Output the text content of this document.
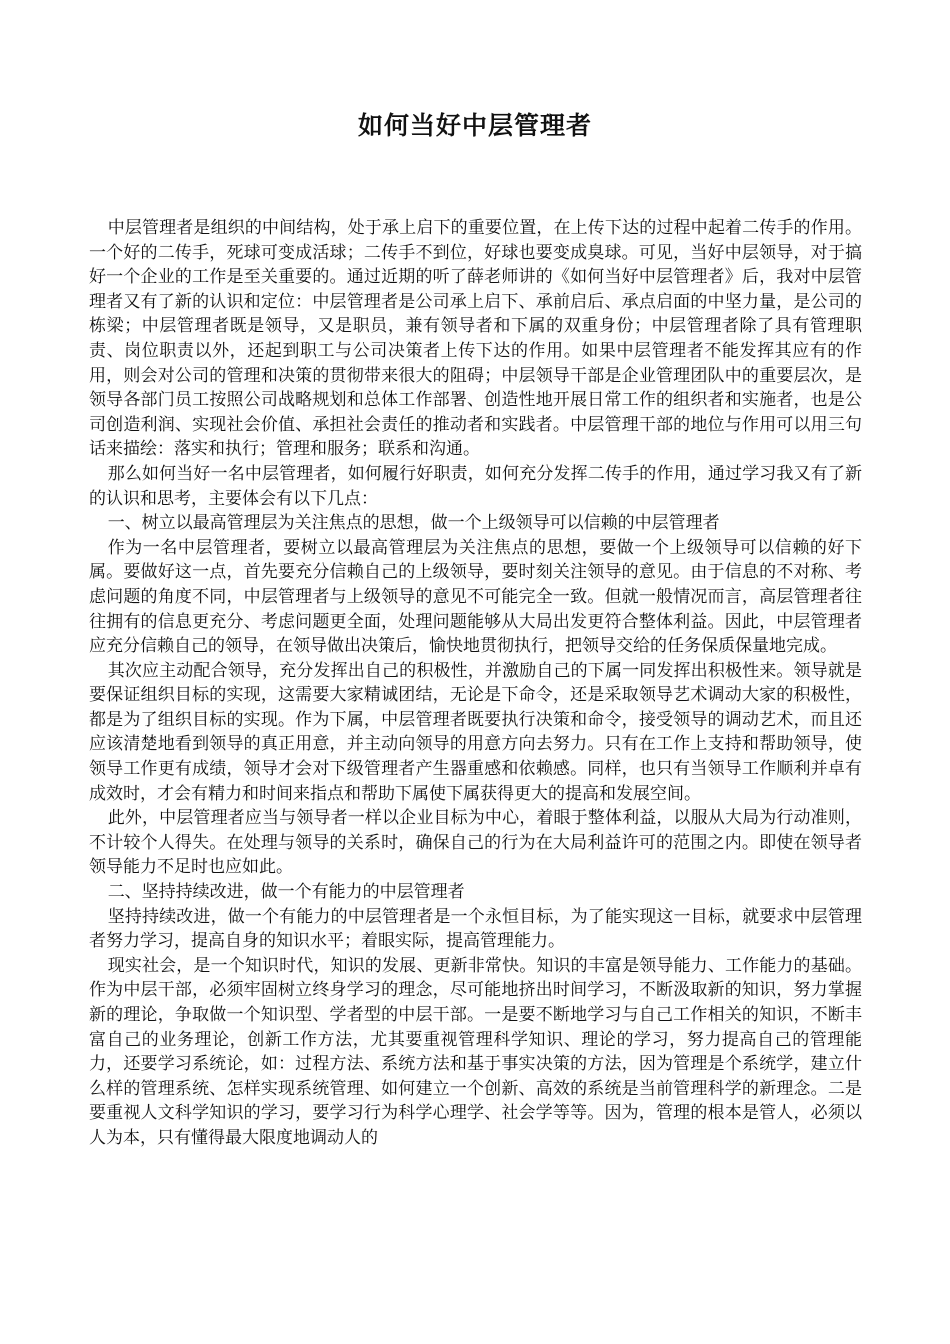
如何当好中层管理者

中层管理者是组织的中间结构，处于承上启下的重要位置，在上传下达的过程中起着二传手的作用。一个好的二传手，死球可变成活球；二传手不到位，好球也要变成臭球。可见，当好中层领导，对于搞好一个企业的工作是至关重要的。通过近期的听了薛老师讲的《如何当好中层管理者》后，我对中层管理者又有了新的认识和定位：中层管理者是公司承上启下、承前启后、承点启面的中坚力量，是公司的栋梁；中层管理者既是领导，又是职员，兼有领导者和下属的双重身份；中层管理者除了具有管理职责、岗位职责以外，还起到职工与公司决策者上传下达的作用。如果中层管理者不能发挥其应有的作用，则会对公司的管理和决策的贯彻带来很大的阻碍；中层领导干部是企业管理团队中的重要层次，是领导各部门员工按照公司战略规划和总体工作部署、创造性地开展日常工作的组织者和实施者，也是公司创造利润、实现社会价值、承担社会责任的推动者和实践者。中层管理干部的地位与作用可以用三句话来描绘：落实和执行；管理和服务；联系和沟通。

那么如何当好一名中层管理者，如何履行好职责，如何充分发挥二传手的作用，通过学习我又有了新的认识和思考，主要体会有以下几点：

一、树立以最高管理层为关注焦点的思想，做一个上级领导可以信赖的中层管理者

作为一名中层管理者，要树立以最高管理层为关注焦点的思想，要做一个上级领导可以信赖的好下属。要做好这一点，首先要充分信赖自己的上级领导，要时刻关注领导的意见。由于信息的不对称、考虑问题的角度不同，中层管理者与上级领导的意见不可能完全一致。但就一般情况而言，高层管理者往往拥有的信息更充分、考虑问题更全面，处理问题能够从大局出发更符合整体利益。因此，中层管理者应充分信赖自己的领导，在领导做出决策后，愉快地贯彻执行，把领导交给的任务保质保量地完成。

其次应主动配合领导，充分发挥出自己的积极性，并激励自己的下属一同发挥出积极性来。领导就是要保证组织目标的实现，这需要大家精诚团结，无论是下命令，还是采取领导艺术调动大家的积极性，都是为了组织目标的实现。作为下属，中层管理者既要执行决策和命令，接受领导的调动艺术，而且还应该清楚地看到领导的真正用意，并主动向领导的用意方向去努力。只有在工作上支持和帮助领导，使领导工作更有成绩，领导才会对下级管理者产生器重感和依赖感。同样，也只有当领导工作顺利并卓有成效时，才会有精力和时间来指点和帮助下属使下属获得更大的提高和发展空间。

此外，中层管理者应当与领导者一样以企业目标为中心，着眼于整体利益，以服从大局为行动准则，不计较个人得失。在处理与领导的关系时，确保自己的行为在大局利益许可的范围之内。即使在领导者领导能力不足时也应如此。

二、坚持持续改进，做一个有能力的中层管理者

坚持持续改进，做一个有能力的中层管理者是一个永恒目标，为了能实现这一目标，就要求中层管理者努力学习，提高自身的知识水平；着眼实际，提高管理能力。

现实社会，是一个知识时代，知识的发展、更新非常快。知识的丰富是领导能力、工作能力的基础。作为中层干部，必须牢固树立终身学习的理念，尽可能地挤出时间学习，不断汲取新的知识，努力掌握新的理论，争取做一个知识型、学者型的中层干部。一是要不断地学习与自己工作相关的知识，不断丰富自己的业务理论，创新工作方法，尤其要重视管理科学知识、理论的学习，努力提高自己的管理能力，还要学习系统论，如：过程方法、系统方法和基于事实决策的方法，因为管理是个系统学，建立什么样的管理系统、怎样实现系统管理、如何建立一个创新、高效的系统是当前管理科学的新理念。二是要重视人文科学知识的学习，要学习行为科学心理学、社会学等等。因为，管理的根本是管人，必须以人为本，只有懂得最大限度地调动人的
